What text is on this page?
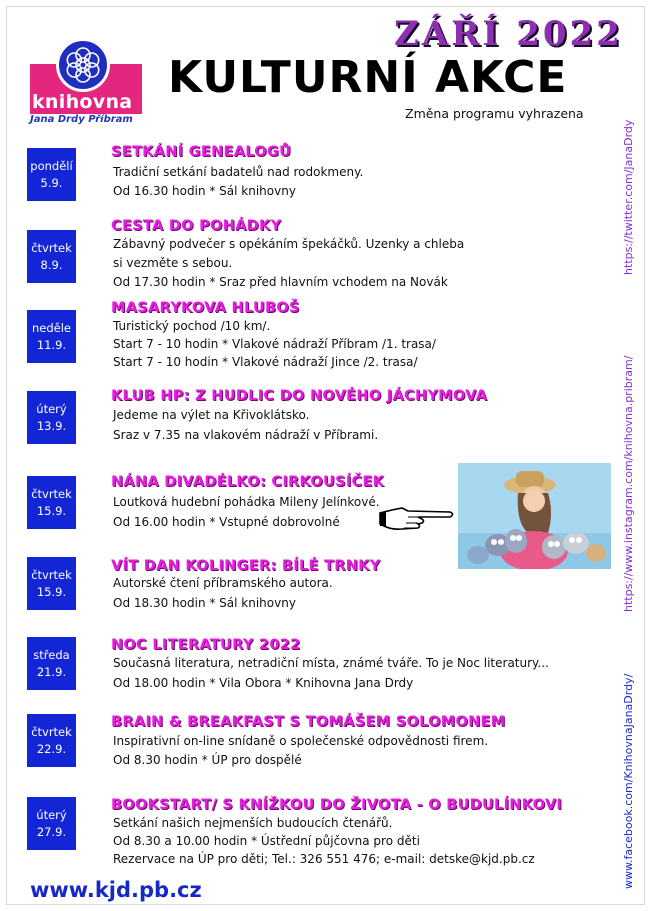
knihovna
Jana Drdy Příbram
ZÁŘÍ 2022
KULTURNÍ AKCE
Změna programu vyhrazena
https://twitter.com/JanaDrdy
https://www.instagram.com/knihovna.pribram/
www.facebook.com/KnihovnaJanaDrdy/
pondělí
5.9.
SETKÁNÍ GENEALOGŮ
Tradiční setkání badatelů nad rodokmeny.
Od 16.30 hodin * Sál knihovny
čtvrtek
8.9.
CESTA DO POHÁDKY
Zábavný podvečer s opékáním špekáčků. Uzenky a chleba
si vezměte s sebou.
Od 17.30 hodin * Sraz před hlavním vchodem na Novák
neděle
11.9.
MASARYKOVA HLUBOŠ
Turistický pochod /10 km/.
Start 7 - 10 hodin * Vlakové nádraží Příbram /1. trasa/
Start 7 - 10 hodin * Vlakové nádraží Jince /2. trasa/
úterý
13.9.
KLUB HP: Z HUDLIC DO NOVÉHO JÁCHYMOVA
Jedeme na výlet na Křivoklátsko.
Sraz v 7.35 na vlakovém nádraží v Příbrami.
čtvrtek
15.9.
NÁNA DIVADÉLKO: CIRKOUSÍČEK
Loutková hudební pohádka Mileny Jelínkové.
Od 16.00 hodin * Vstupné dobrovolné
čtvrtek
15.9.
VÍT DAN KOLINGER: BÍLÉ TRNKY
Autorské čtení příbramského autora.
Od 18.30 hodin * Sál knihovny
středa
21.9.
NOC LITERATURY 2022
Současná literatura, netradiční místa, známé tváře. To je Noc literatury...
Od 18.00 hodin * Vila Obora * Knihovna Jana Drdy
čtvrtek
22.9.
BRAIN & BREAKFAST S TOMÁŠEM SOLOMONEM
Inspirativní on-line snídaně o společenské odpovědnosti firem.
Od 8.30 hodin * ÚP pro dospělé
úterý
27.9.
BOOKSTART/ S KNÍŽKOU DO ŽIVOTA - O BUDULÍNKOVI
Setkání našich nejmenších budoucích čtenářů.
Od 8.30 a 10.00 hodin * Ústřední půjčovna pro děti
Rezervace na ÚP pro děti; Tel.: 326 551 476; e-mail: detske@kjd.pb.cz
www.kjd.pb.cz
